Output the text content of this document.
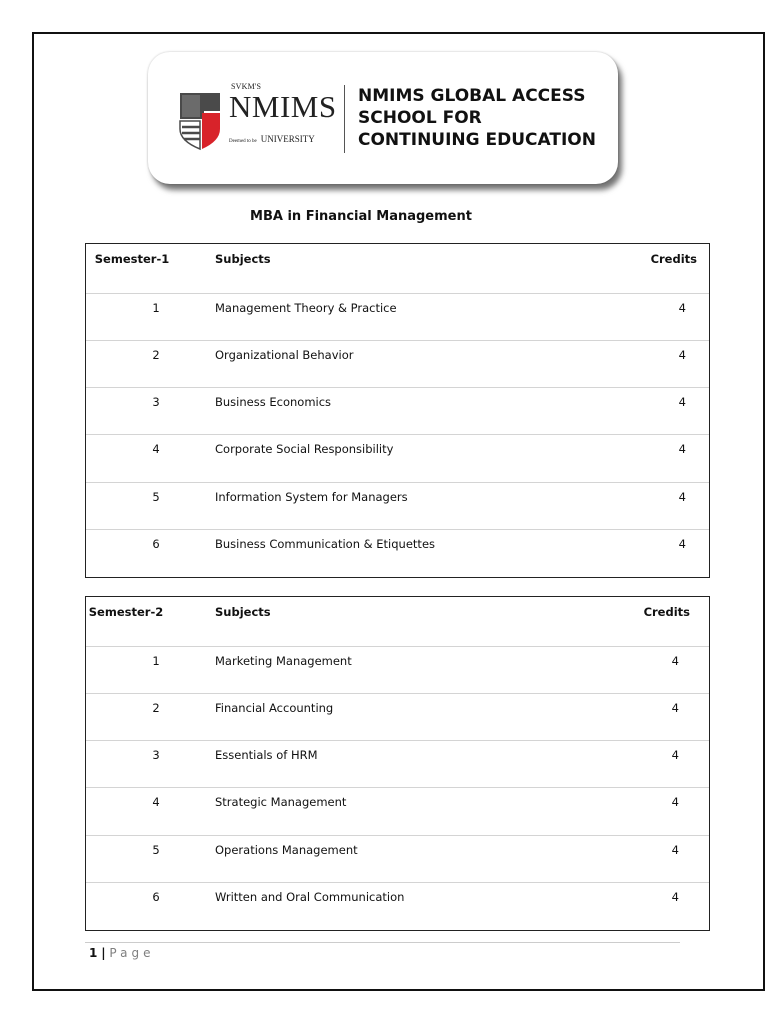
SVKM'S
NMIMS
Deemed to be UNIVERSITY
NMIMS GLOBAL ACCESS
SCHOOL FOR
CONTINUING EDUCATION
MBA in Financial Management
Semester-1	Subjects	Credits
1	Management Theory & Practice	4
2	Organizational Behavior	4
3	Business Economics	4
4	Corporate Social Responsibility	4
5	Information System for Managers	4
6	Business Communication & Etiquettes	4
Semester-2	Subjects	Credits
1	Marketing Management	4
2	Financial Accounting	4
3	Essentials of HRM	4
4	Strategic Management	4
5	Operations Management	4
6	Written and Oral Communication	4
1 | Page
